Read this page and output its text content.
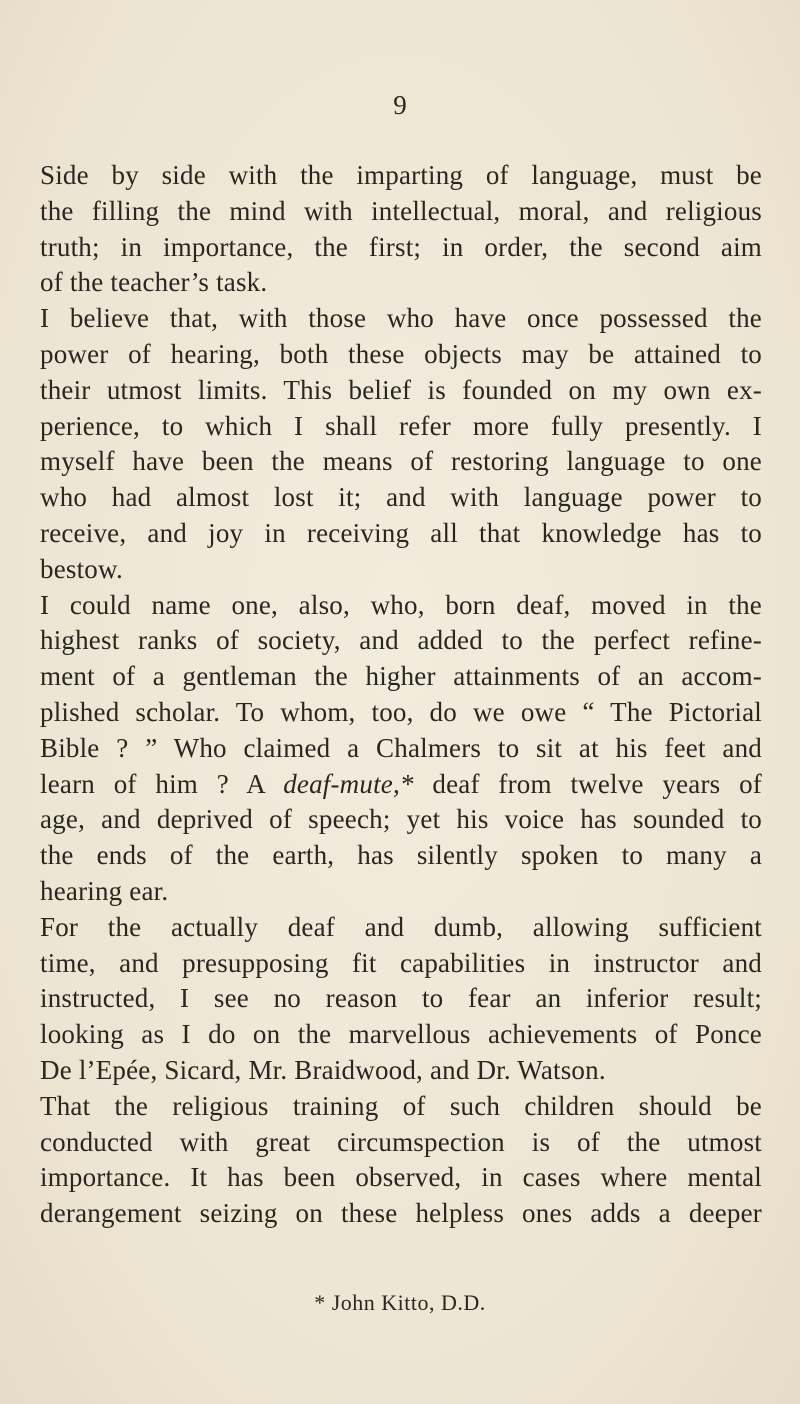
9
Side by side with the imparting of language, must be
the filling the mind with intellectual, moral, and religious
truth; in importance, the first; in order, the second aim
of the teacher’s task.
I believe that, with those who have once possessed the
power of hearing, both these objects may be attained to
their utmost limits. This belief is founded on my own ex-
perience, to which I shall refer more fully presently. I
myself have been the means of restoring language to one
who had almost lost it; and with language power to
receive, and joy in receiving all that knowledge has to
bestow.
I could name one, also, who, born deaf, moved in the
highest ranks of society, and added to the perfect refine-
ment of a gentleman the higher attainments of an accom-
plished scholar. To whom, too, do we owe “ The Pictorial
Bible ? ” Who claimed a Chalmers to sit at his feet and
learn of him ? A deaf-mute,* deaf from twelve years of
age, and deprived of speech; yet his voice has sounded to
the ends of the earth, has silently spoken to many a
hearing ear.
For the actually deaf and dumb, allowing sufficient
time, and presupposing fit capabilities in instructor and
instructed, I see no reason to fear an inferior result;
looking as I do on the marvellous achievements of Ponce
De l’Epée, Sicard, Mr. Braidwood, and Dr. Watson.
That the religious training of such children should be
conducted with great circumspection is of the utmost
importance. It has been observed, in cases where mental
derangement seizing on these helpless ones adds a deeper
* John Kitto, D.D.
